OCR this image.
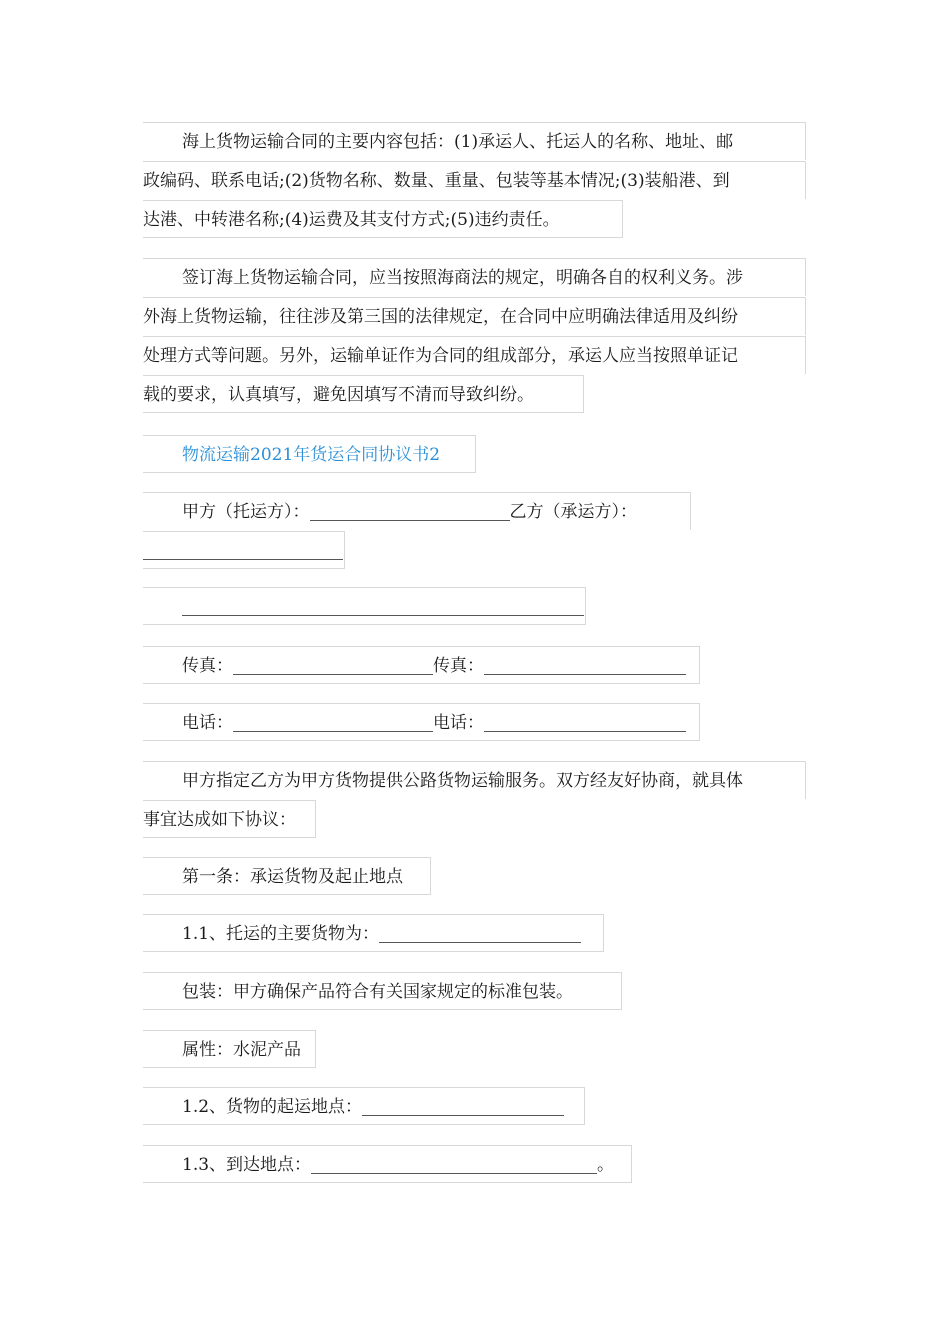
海上货物运输合同的主要内容包括：(1)承运人、托运人的名称、地址、邮
政编码、联系电话;(2)货物名称、数量、重量、包装等基本情况;(3)装船港、到
达港、中转港名称;(4)运费及其支付方式;(5)违约责任。
签订海上货物运输合同，应当按照海商法的规定，明确各自的权利义务。涉
外海上货物运输，往往涉及第三国的法律规定，在合同中应明确法律适用及纠纷
处理方式等问题。另外，运输单证作为合同的组成部分，承运人应当按照单证记
载的要求，认真填写，避免因填写不清而导致纠纷。
物流运输2021年货运合同协议书2
甲方（托运方）：	乙方（承运方）：
传真：	传真：
电话：	电话：
甲方指定乙方为甲方货物提供公路货物运输服务。双方经友好协商，就具体
事宜达成如下协议：
第一条：承运货物及起止地点
1.1、托运的主要货物为：
包装：甲方确保产品符合有关国家规定的标准包装。
属性：水泥产品
1.2、货物的起运地点：
1.3、到达地点：	。
